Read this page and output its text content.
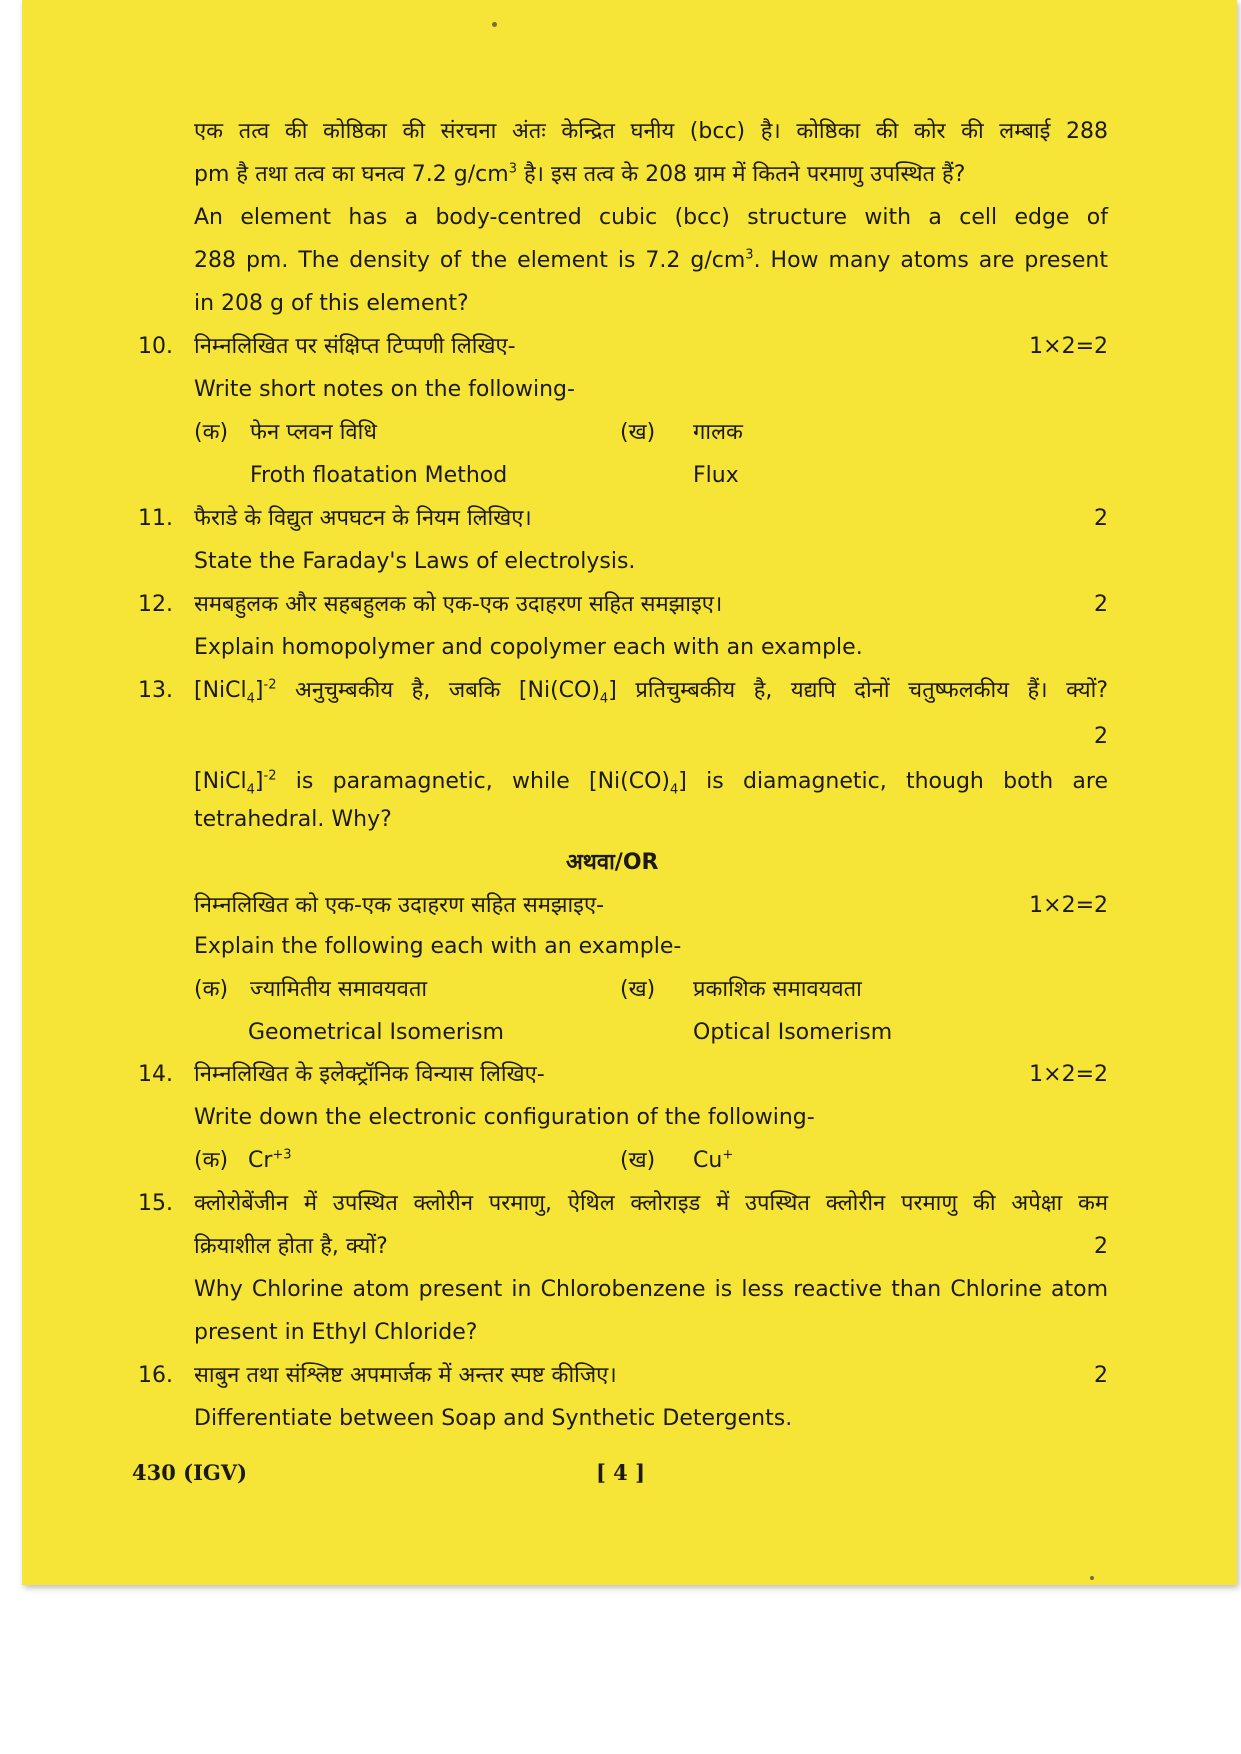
एक तत्व की कोष्ठिका की संरचना अंतः केन्द्रित घनीय (bcc) है। कोष्ठिका की कोर की लम्बाई 288
pm है तथा तत्व का घनत्व 7.2 $g/cm^3$ है। इस तत्व के 208 ग्राम में कितने परमाणु उपस्थित हैं?
An element has a body-centred cubic (bcc) structure with a cell edge of
288 pm. The density of the element is 7.2 $g/cm^3$. How many atoms are present
in 208 g of this element?
10. निम्नलिखित पर संक्षिप्त टिप्पणी लिखिए-	1×2=2
Write short notes on the following-
(क) फेन प्लवन विधि	(ख) गालक
Froth floatation Method	Flux
11. फैराडे के विद्युत अपघटन के नियम लिखिए।	2
State the Faraday's Laws of electrolysis.
12. समबहुलक और सहबहुलक को एक-एक उदाहरण सहित समझाइए।	2
Explain homopolymer and copolymer each with an example.
13. [NiCl$_4$]$^{-2}$ अनुचुम्बकीय है, जबकि $[Ni(CO)_4]$ प्रतिचुम्बकीय है, यद्यपि दोनों चतुष्फलकीय हैं। क्यों?
2
[NiCl$_4$]$^{-2}$ is paramagnetic, while $[Ni(CO)_4]$ is diamagnetic, though both are
tetrahedral. Why?
अथवा/OR
निम्नलिखित को एक-एक उदाहरण सहित समझाइए-	1×2=2
Explain the following each with an example-
(क) ज्यामितीय समावयवता	(ख) प्रकाशिक समावयवता
Geometrical Isomerism	Optical Isomerism
14. निम्नलिखित के इलेक्ट्रॉनिक विन्यास लिखिए-	1×2=2
Write down the electronic configuration of the following-
(क) $Cr^{+3}$	(ख) Cu+
15. क्लोरोबेंजीन में उपस्थित क्लोरीन परमाणु, ऐथिल क्लोराइड में उपस्थित क्लोरीन परमाणु की अपेक्षा कम
क्रियाशील होता है, क्यों?	2
Why Chlorine atom present in Chlorobenzene is less reactive than Chlorine atom
present in Ethyl Chloride?
16. साबुन तथा संश्लिष्ट अपमार्जक में अन्तर स्पष्ट कीजिए।	2
Differentiate between Soap and Synthetic Detergents.
430 (IGV)	[ 4 ]
